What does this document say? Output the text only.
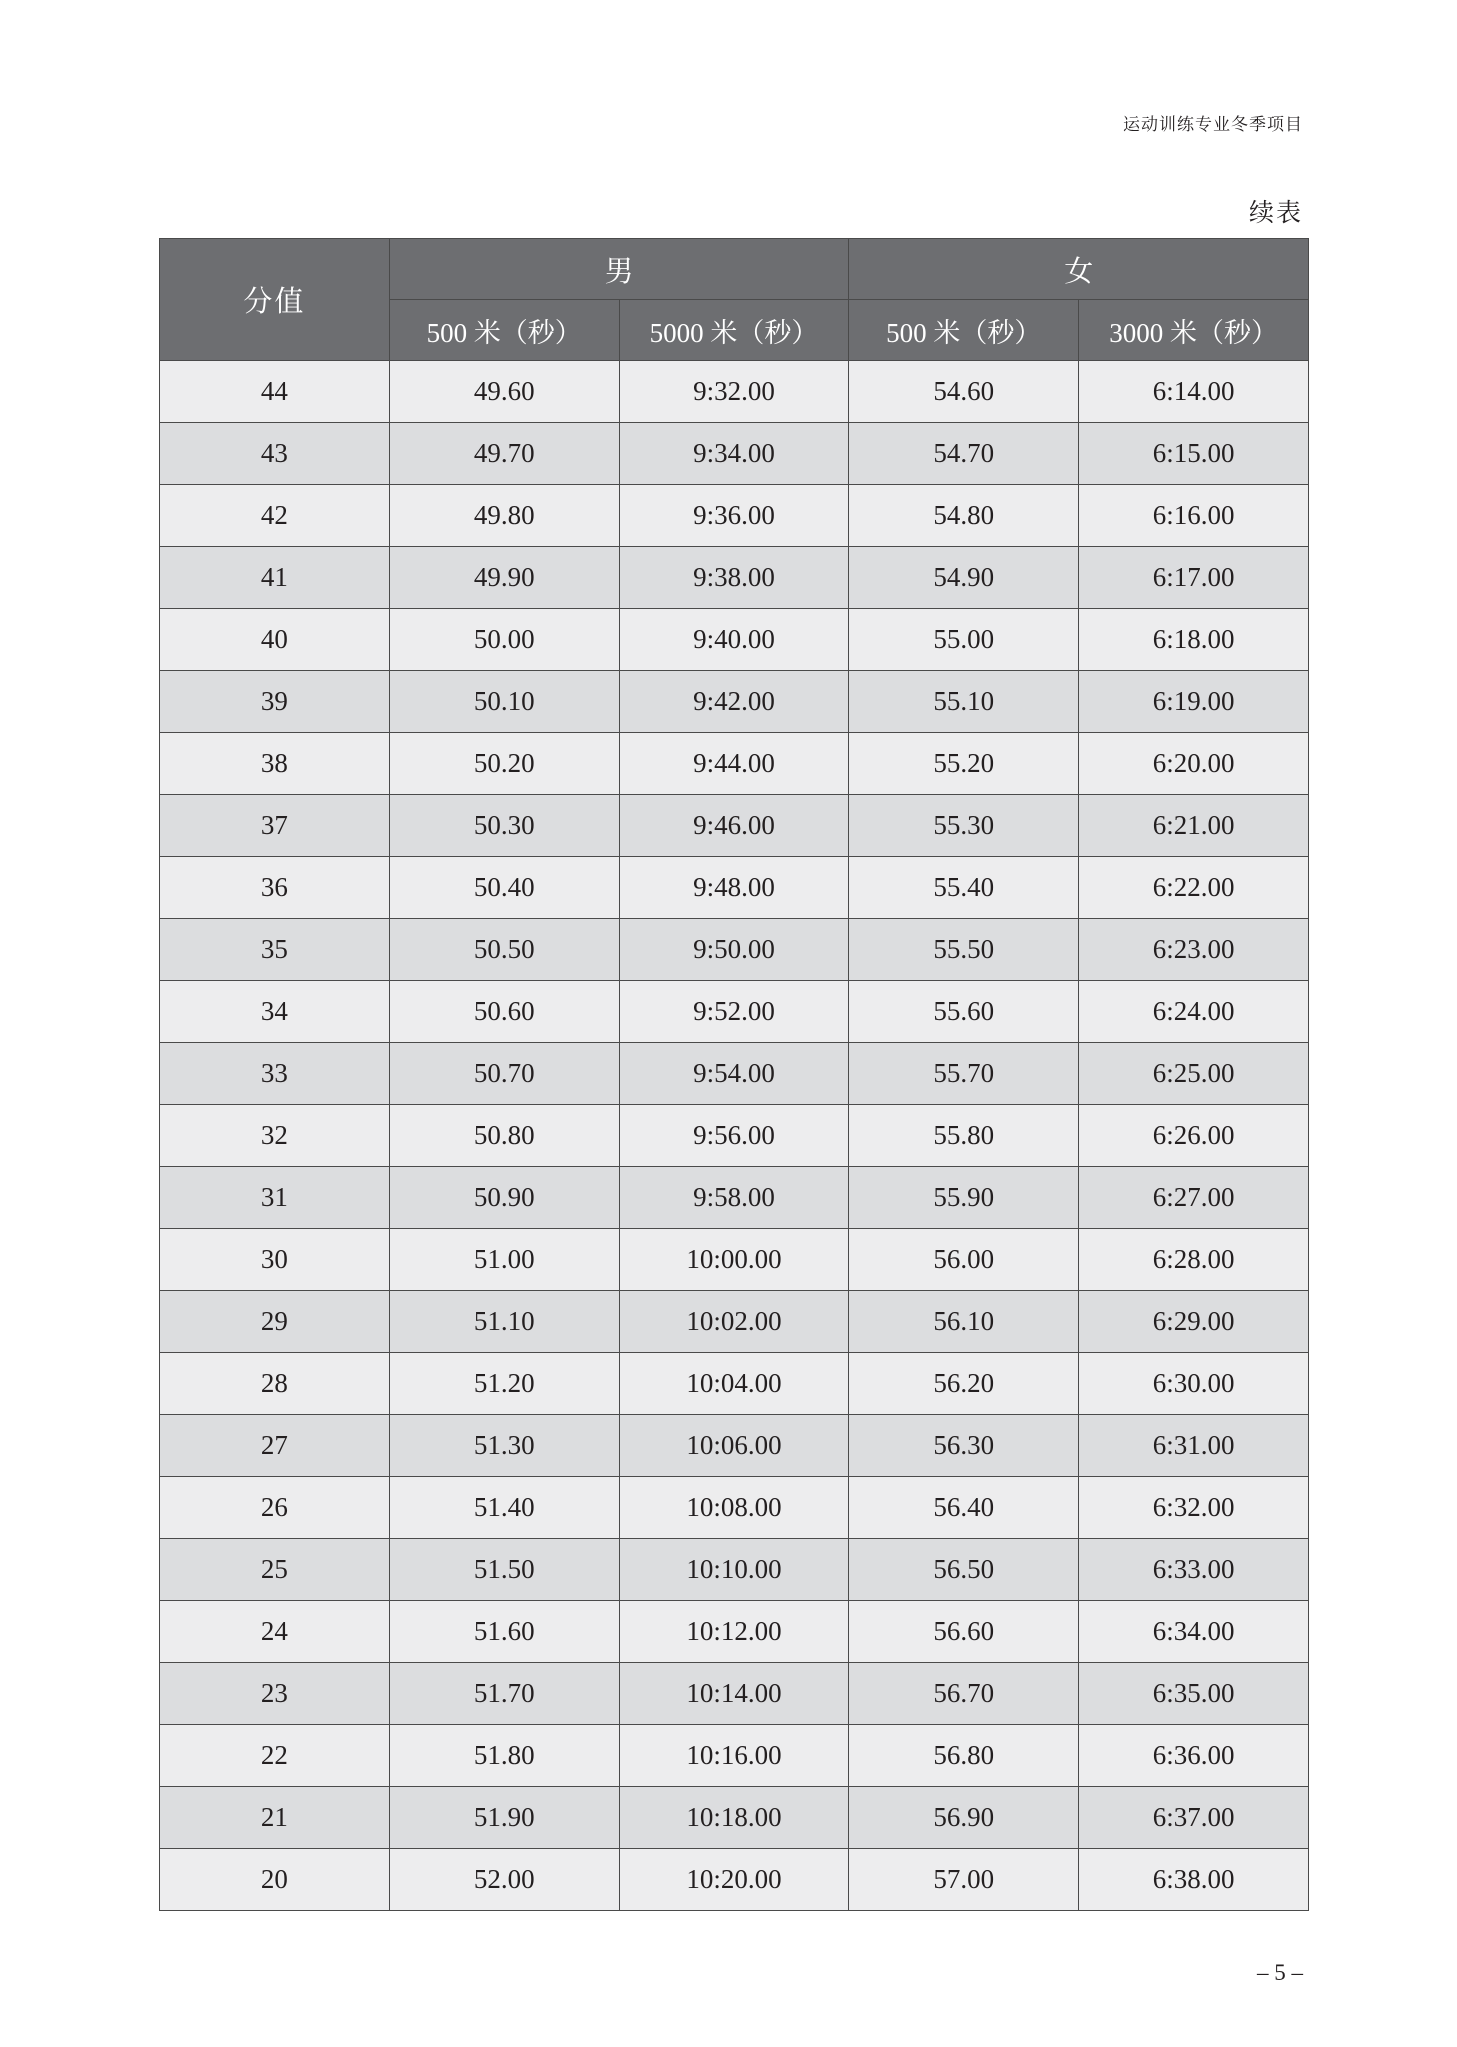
运动训练专业冬季项目
续表
分值	男		女	
	500 米（秒）	5000 米（秒）	500 米（秒）	3000 米（秒）
44	49.60	9:32.00	54.60	6:14.00
43	49.70	9:34.00	54.70	6:15.00
42	49.80	9:36.00	54.80	6:16.00
41	49.90	9:38.00	54.90	6:17.00
40	50.00	9:40.00	55.00	6:18.00
39	50.10	9:42.00	55.10	6:19.00
38	50.20	9:44.00	55.20	6:20.00
37	50.30	9:46.00	55.30	6:21.00
36	50.40	9:48.00	55.40	6:22.00
35	50.50	9:50.00	55.50	6:23.00
34	50.60	9:52.00	55.60	6:24.00
33	50.70	9:54.00	55.70	6:25.00
32	50.80	9:56.00	55.80	6:26.00
31	50.90	9:58.00	55.90	6:27.00
30	51.00	10:00.00	56.00	6:28.00
29	51.10	10:02.00	56.10	6:29.00
28	51.20	10:04.00	56.20	6:30.00
27	51.30	10:06.00	56.30	6:31.00
26	51.40	10:08.00	56.40	6:32.00
25	51.50	10:10.00	56.50	6:33.00
24	51.60	10:12.00	56.60	6:34.00
23	51.70	10:14.00	56.70	6:35.00
22	51.80	10:16.00	56.80	6:36.00
21	51.90	10:18.00	56.90	6:37.00
20	52.00	10:20.00	57.00	6:38.00
– 5 –
